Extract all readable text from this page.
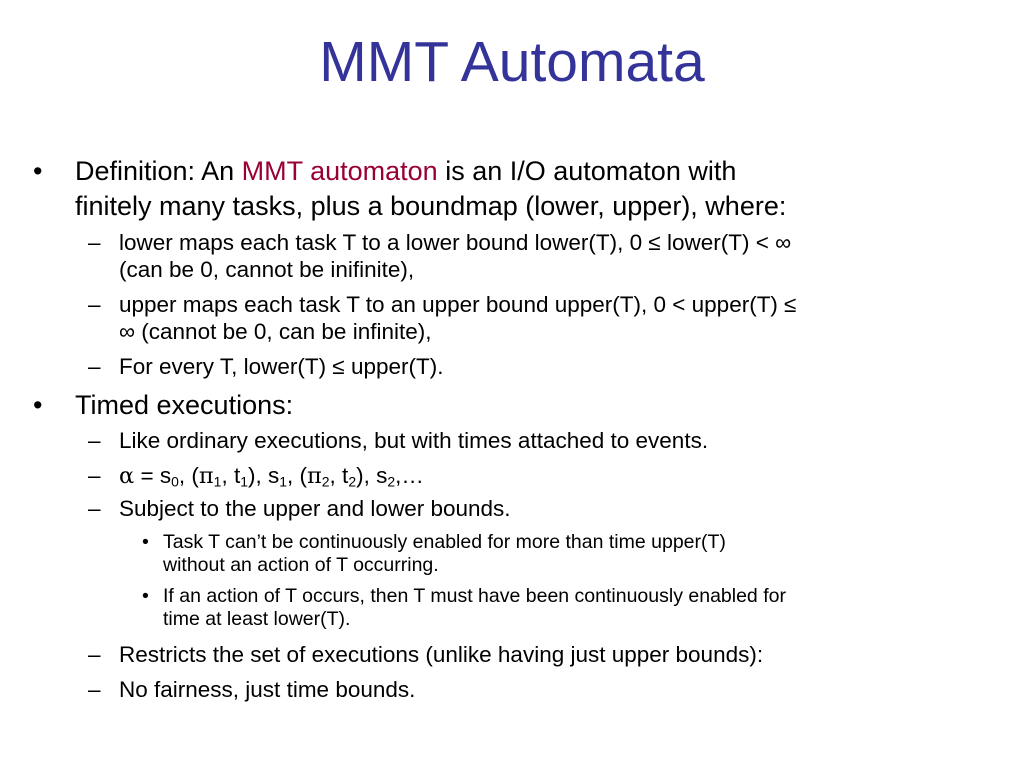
MMT Automata
• Definition: An MMT automaton is an I/O automaton with
finitely many tasks, plus a boundmap (lower, upper), where:
– lower maps each task T to a lower bound lower(T), 0 ≤ lower(T) < ∞
(can be 0, cannot be inifinite),
– upper maps each task T to an upper bound upper(T), 0 < upper(T) ≤
∞ (cannot be 0, can be infinite),
– For every T, lower(T) ≤ upper(T).
• Timed executions:
– Like ordinary executions, but with times attached to events.
– $\alpha = s_0$, ($\pi_1$, $t_1$), $s_1$, ($\pi_2$, $t_2$), $s_2,\dots$
– Subject to the upper and lower bounds.
• Task T can’t be continuously enabled for more than time upper(T)
without an action of T occurring.
• If an action of T occurs, then T must have been continuously enabled for
time at least lower(T).
– Restricts the set of executions (unlike having just upper bounds):
– No fairness, just time bounds.
